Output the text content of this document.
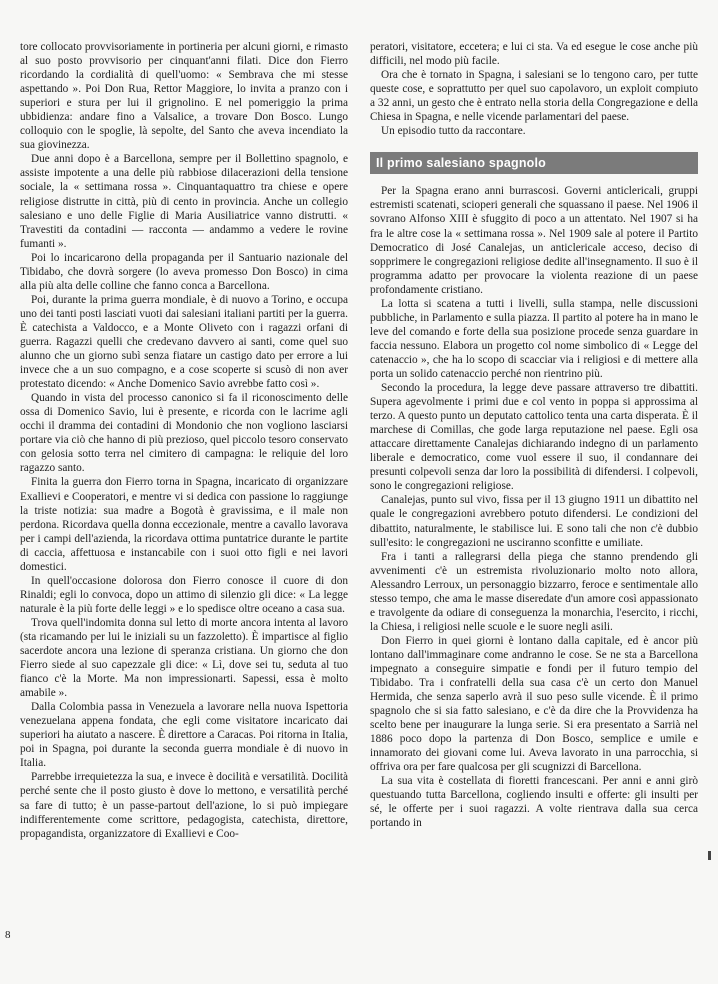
tore collocato provvisoriamente in portineria per alcuni giorni, e rimasto al suo posto provvisorio per cinquant'anni filati. Dice don Fierro ricordando la cordialità di quell'uomo: « Sembrava che mi stesse aspettando ». Poi Don Rua, Rettor Maggiore, lo invita a pranzo con i superiori e stura per lui il grignolino. E nel pomeriggio la prima ubbidienza: andare fino a Valsalice, a trovare Don Bosco. Lungo colloquio con le spoglie, là sepolte, del Santo che aveva incendiato la sua giovinezza.

Due anni dopo è a Barcellona, sempre per il Bollettino spagnolo, e assiste impotente a una delle più rabbiose dilacerazioni della tensione sociale, la « settimana rossa ». Cinquantaquattro tra chiese e opere religiose distrutte in città, più di cento in provincia. Anche un collegio salesiano e uno delle Figlie di Maria Ausiliatrice vanno distrutti. « Travestiti da contadini — racconta — andammo a vedere le rovine fumanti ».

Poi lo incaricarono della propaganda per il Santuario nazionale del Tibidabo, che dovrà sorgere (lo aveva promesso Don Bosco) in cima alla più alta delle colline che fanno conca a Barcellona.

Poi, durante la prima guerra mondiale, è di nuovo a Torino, e occupa uno dei tanti posti lasciati vuoti dai salesiani italiani partiti per la guerra. È catechista a Valdocco, e a Monte Oliveto con i ragazzi orfani di guerra. Ragazzi quelli che credevano davvero ai santi, come quel suo alunno che un giorno subì senza fiatare un castigo dato per errore a lui invece che a un suo compagno, e a cose scoperte si scusò di non aver protestato dicendo: « Anche Domenico Savio avrebbe fatto così ».

Quando in vista del processo canonico si fa il riconoscimento delle ossa di Domenico Savio, lui è presente, e ricorda con le lacrime agli occhi il dramma dei contadini di Mondonio che non vogliono lasciarsi portare via ciò che hanno di più prezioso, quel piccolo tesoro conservato con gelosia sotto terra nel cimitero di campagna: le reliquie del loro ragazzo santo.

Finita la guerra don Fierro torna in Spagna, incaricato di organizzare Exallievi e Cooperatori, e mentre vi si dedica con passione lo raggiunge la triste notizia: sua madre a Bogotà è gravissima, e il male non perdona. Ricordava quella donna eccezionale, mentre a cavallo lavorava per i campi dell'azienda, la ricordava ottima puntatrice durante le partite di caccia, affettuosa e instancabile con i suoi otto figli e nei lavori domestici.

In quell'occasione dolorosa don Fierro conosce il cuore di don Rinaldi; egli lo convoca, dopo un attimo di silenzio gli dice: « La legge naturale è la più forte delle leggi » e lo spedisce oltre oceano a casa sua.

Trova quell'indomita donna sul letto di morte ancora intenta al lavoro (sta ricamando per lui le iniziali su un fazzoletto). È impartisce al figlio sacerdote ancora una lezione di speranza cristiana. Un giorno che don Fierro siede al suo capezzale gli dice: « Lì, dove sei tu, seduta al tuo fianco c'è la Morte. Ma non impressionarti. Sapessi, essa è molto amabile ».

Dalla Colombia passa in Venezuela a lavorare nella nuova Ispettoria venezuelana appena fondata, che egli come visitatore incaricato dai superiori ha aiutato a nascere. È direttore a Caracas. Poi ritorna in Italia, poi in Spagna, poi durante la seconda guerra mondiale è di nuovo in Italia.

Parrebbe irrequietezza la sua, e invece è docilità e versatilità. Docilità perché sente che il posto giusto è dove lo mettono, e versatilità perché sa fare di tutto; è un passe-partout dell'azione, lo si può impiegare indifferentemente come scrittore, pedagogista, catechista, direttore, propagandista, organizzatore di Exallievi e Coo-

peratori, visitatore, eccetera; e lui ci sta. Va ed esegue le cose anche più difficili, nel modo più facile.

Ora che è tornato in Spagna, i salesiani se lo tengono caro, per tutte queste cose, e soprattutto per quel suo capolavoro, un exploit compiuto a 32 anni, un gesto che è entrato nella storia della Congregazione e della Chiesa in Spagna, e nelle vicende parlamentari del paese.

Un episodio tutto da raccontare.

Il primo salesiano spagnolo

Per la Spagna erano anni burrascosi. Governi anticlericali, gruppi estremisti scatenati, scioperi generali che squassano il paese. Nel 1906 il sovrano Alfonso XIII è sfuggito di poco a un attentato. Nel 1907 si ha fra le altre cose la « settimana rossa ». Nel 1909 sale al potere il Partito Democratico di José Canalejas, un anticlericale acceso, deciso di sopprimere le congregazioni religiose dedite all'insegnamento. Il suo è il programma adatto per provocare la violenta reazione di un paese profondamente cristiano.

La lotta si scatena a tutti i livelli, sulla stampa, nelle discussioni pubbliche, in Parlamento e sulla piazza. Il partito al potere ha in mano le leve del comando e forte della sua posizione procede senza guardare in faccia nessuno. Elabora un progetto col nome simbolico di « Legge del catenaccio », che ha lo scopo di scacciar via i religiosi e di mettere alla porta un solido catenaccio perché non rientrino più.

Secondo la procedura, la legge deve passare attraverso tre dibattiti. Supera agevolmente i primi due e col vento in poppa si approssima al terzo. A questo punto un deputato cattolico tenta una carta disperata. È il marchese di Comillas, che gode larga reputazione nel paese. Egli osa attaccare direttamente Canalejas dichiarando indegno di un parlamento liberale e democratico, come vuol essere il suo, il condannare dei presunti colpevoli senza dar loro la possibilità di difendersi. I colpevoli, sono le congregazioni religiose.

Canalejas, punto sul vivo, fissa per il 13 giugno 1911 un dibattito nel quale le congregazioni avrebbero potuto difendersi. Le condizioni del dibattito, naturalmente, le stabilisce lui. E sono tali che non c'è dubbio sull'esito: le congregazioni ne usciranno sconfitte e umiliate.

Fra i tanti a rallegrarsi della piega che stanno prendendo gli avvenimenti c'è un estremista rivoluzionario molto noto allora, Alessandro Lerroux, un personaggio bizzarro, feroce e sentimentale allo stesso tempo, che ama le masse diseredate d'un amore così appassionato e travolgente da odiare di conseguenza la monarchia, l'esercito, i ricchi, la Chiesa, i religiosi nelle scuole e le suore negli asili.

Don Fierro in quei giorni è lontano dalla capitale, ed è ancor più lontano dall'immaginare come andranno le cose. Se ne sta a Barcellona impegnato a conseguire simpatie e fondi per il futuro tempio del Tibidabo. Tra i confratelli della sua casa c'è un certo don Manuel Hermida, che senza saperlo avrà il suo peso sulle vicende. È il primo spagnolo che si sia fatto salesiano, e c'è da dire che la Provvidenza ha scelto bene per inaugurare la lunga serie. Si era presentato a Sarrià nel 1886 poco dopo la partenza di Don Bosco, semplice e umile e innamorato dei giovani come lui. Aveva lavorato in una parrocchia, si offriva ora per fare qualcosa per gli scugnizzi di Barcellona.

La sua vita è costellata di fioretti francescani. Per anni e anni girò questuando tutta Barcellona, cogliendo insulti e offerte: gli insulti per sé, le offerte per i suoi ragazzi. A volte rientrava dalla sua cerca portando in

8
